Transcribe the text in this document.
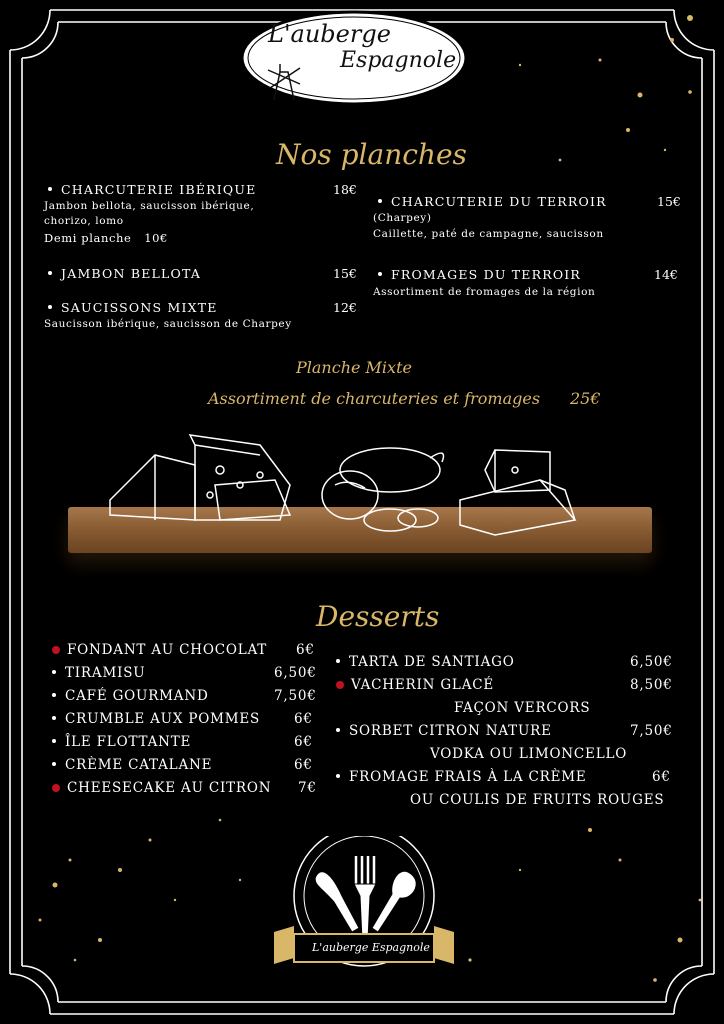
L'auberge
Espagnole
Nos planches
CHARCUTERIE IBÉRIQUE	18€
Jambon bellota, saucisson ibérique,
chorizo, lomo
Demi planche 10€
JAMBON BELLOTA	15€
SAUCISSONS MIXTE	12€
Saucisson ibérique, saucisson de Charpey
CHARCUTERIE DU TERROIR	15€
(Charpey)
Caillette, paté de campagne, saucisson
FROMAGES DU TERROIR	14€
Assortiment de fromages de la région
Planche Mixte
Assortiment de charcuteries et fromages 25€
Desserts
FONDANT AU CHOCOLAT 6€
TIRAMISU	6,50€
CAFÉ GOURMAND	7,50€
CRUMBLE AUX POMMES	6€
ÎLE FLOTTANTE	6€
CRÈME CATALANE	6€
CHEESECAKE AU CITRON 7€
TARTA DE SANTIAGO	6,50€
VACHERIN GLACÉ	8,50€
FAÇON VERCORS
SORBET CITRON NATURE	7,50€
VODKA OU LIMONCELLO
FROMAGE FRAIS À LA CRÈME	6€
OU COULIS DE FRUITS ROUGES
L'auberge Espagnole
